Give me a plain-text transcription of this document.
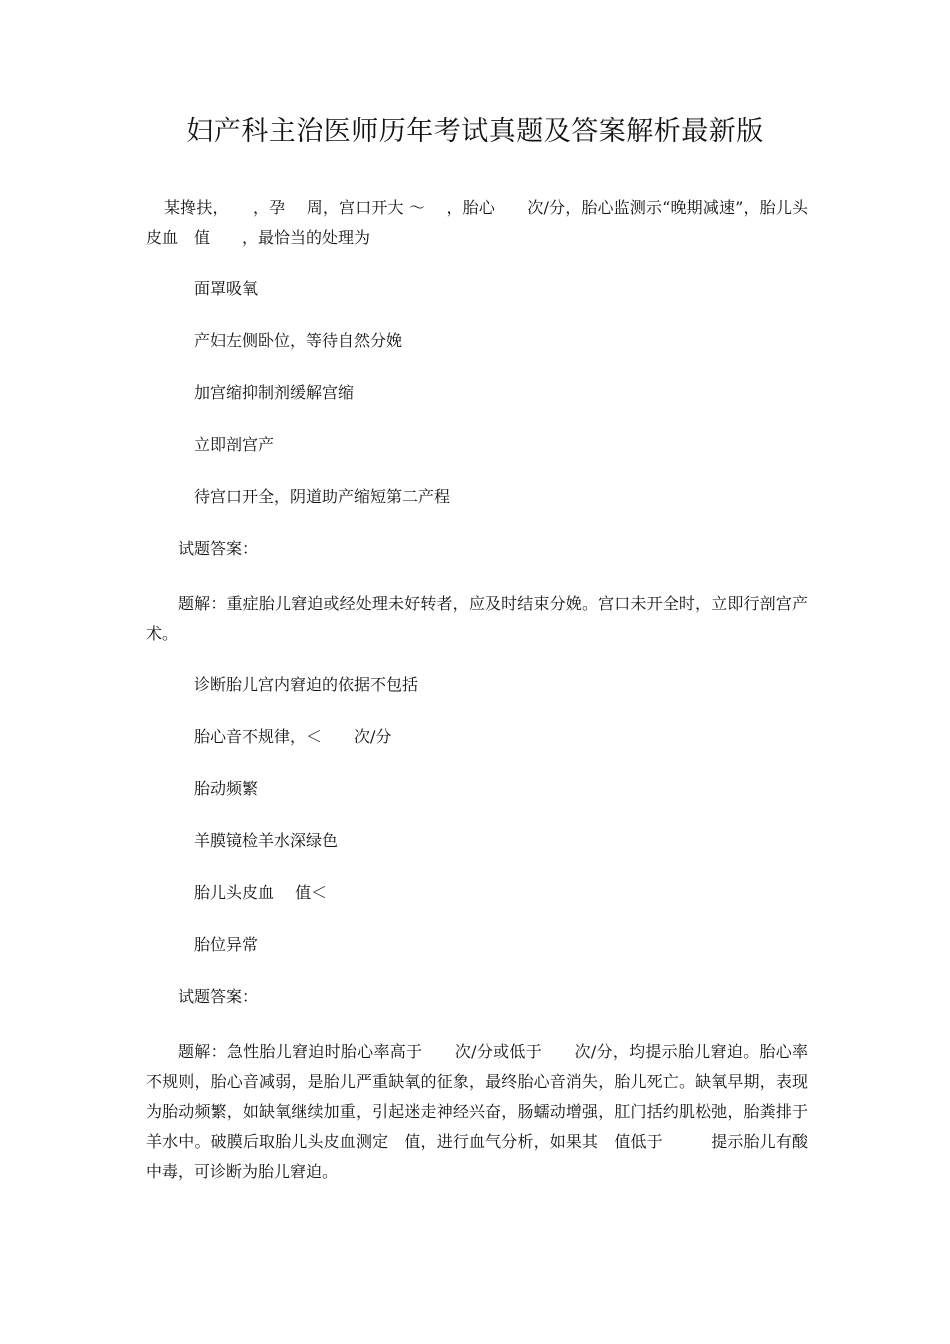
妇产科主治医师历年考试真题及答案解析最新版

某搀扶，　　，孕　 周，宫口开大 ～　 ，胎心　　次/分，胎心监测示“晚期减速”，胎儿头皮血　值　　，最恰当的处理为

面罩吸氧

产妇左侧卧位，等待自然分娩

加宫缩抑制剂缓解宫缩

立即剖宫产

待宫口开全，阴道助产缩短第二产程

试题答案：

题解：重症胎儿窘迫或经处理未好转者，应及时结束分娩。宫口未开全时，立即行剖宫产术。

诊断胎儿宫内窘迫的依据不包括

胎心音不规律，＜　　次/分

胎动频繁

羊膜镜检羊水深绿色

胎儿头皮血　 值＜

胎位异常

试题答案：

题解：急性胎儿窘迫时胎心率高于　　次/分或低于　　次/分，均提示胎儿窘迫。胎心率不规则，胎心音减弱，是胎儿严重缺氧的征象，最终胎心音消失，胎儿死亡。缺氧早期，表现为胎动频繁，如缺氧继续加重，引起迷走神经兴奋，肠蠕动增强，肛门括约肌松弛，胎粪排于羊水中。破膜后取胎儿头皮血测定　值，进行血气分析，如果其　值低于　　　提示胎儿有酸中毒，可诊断为胎儿窘迫。
